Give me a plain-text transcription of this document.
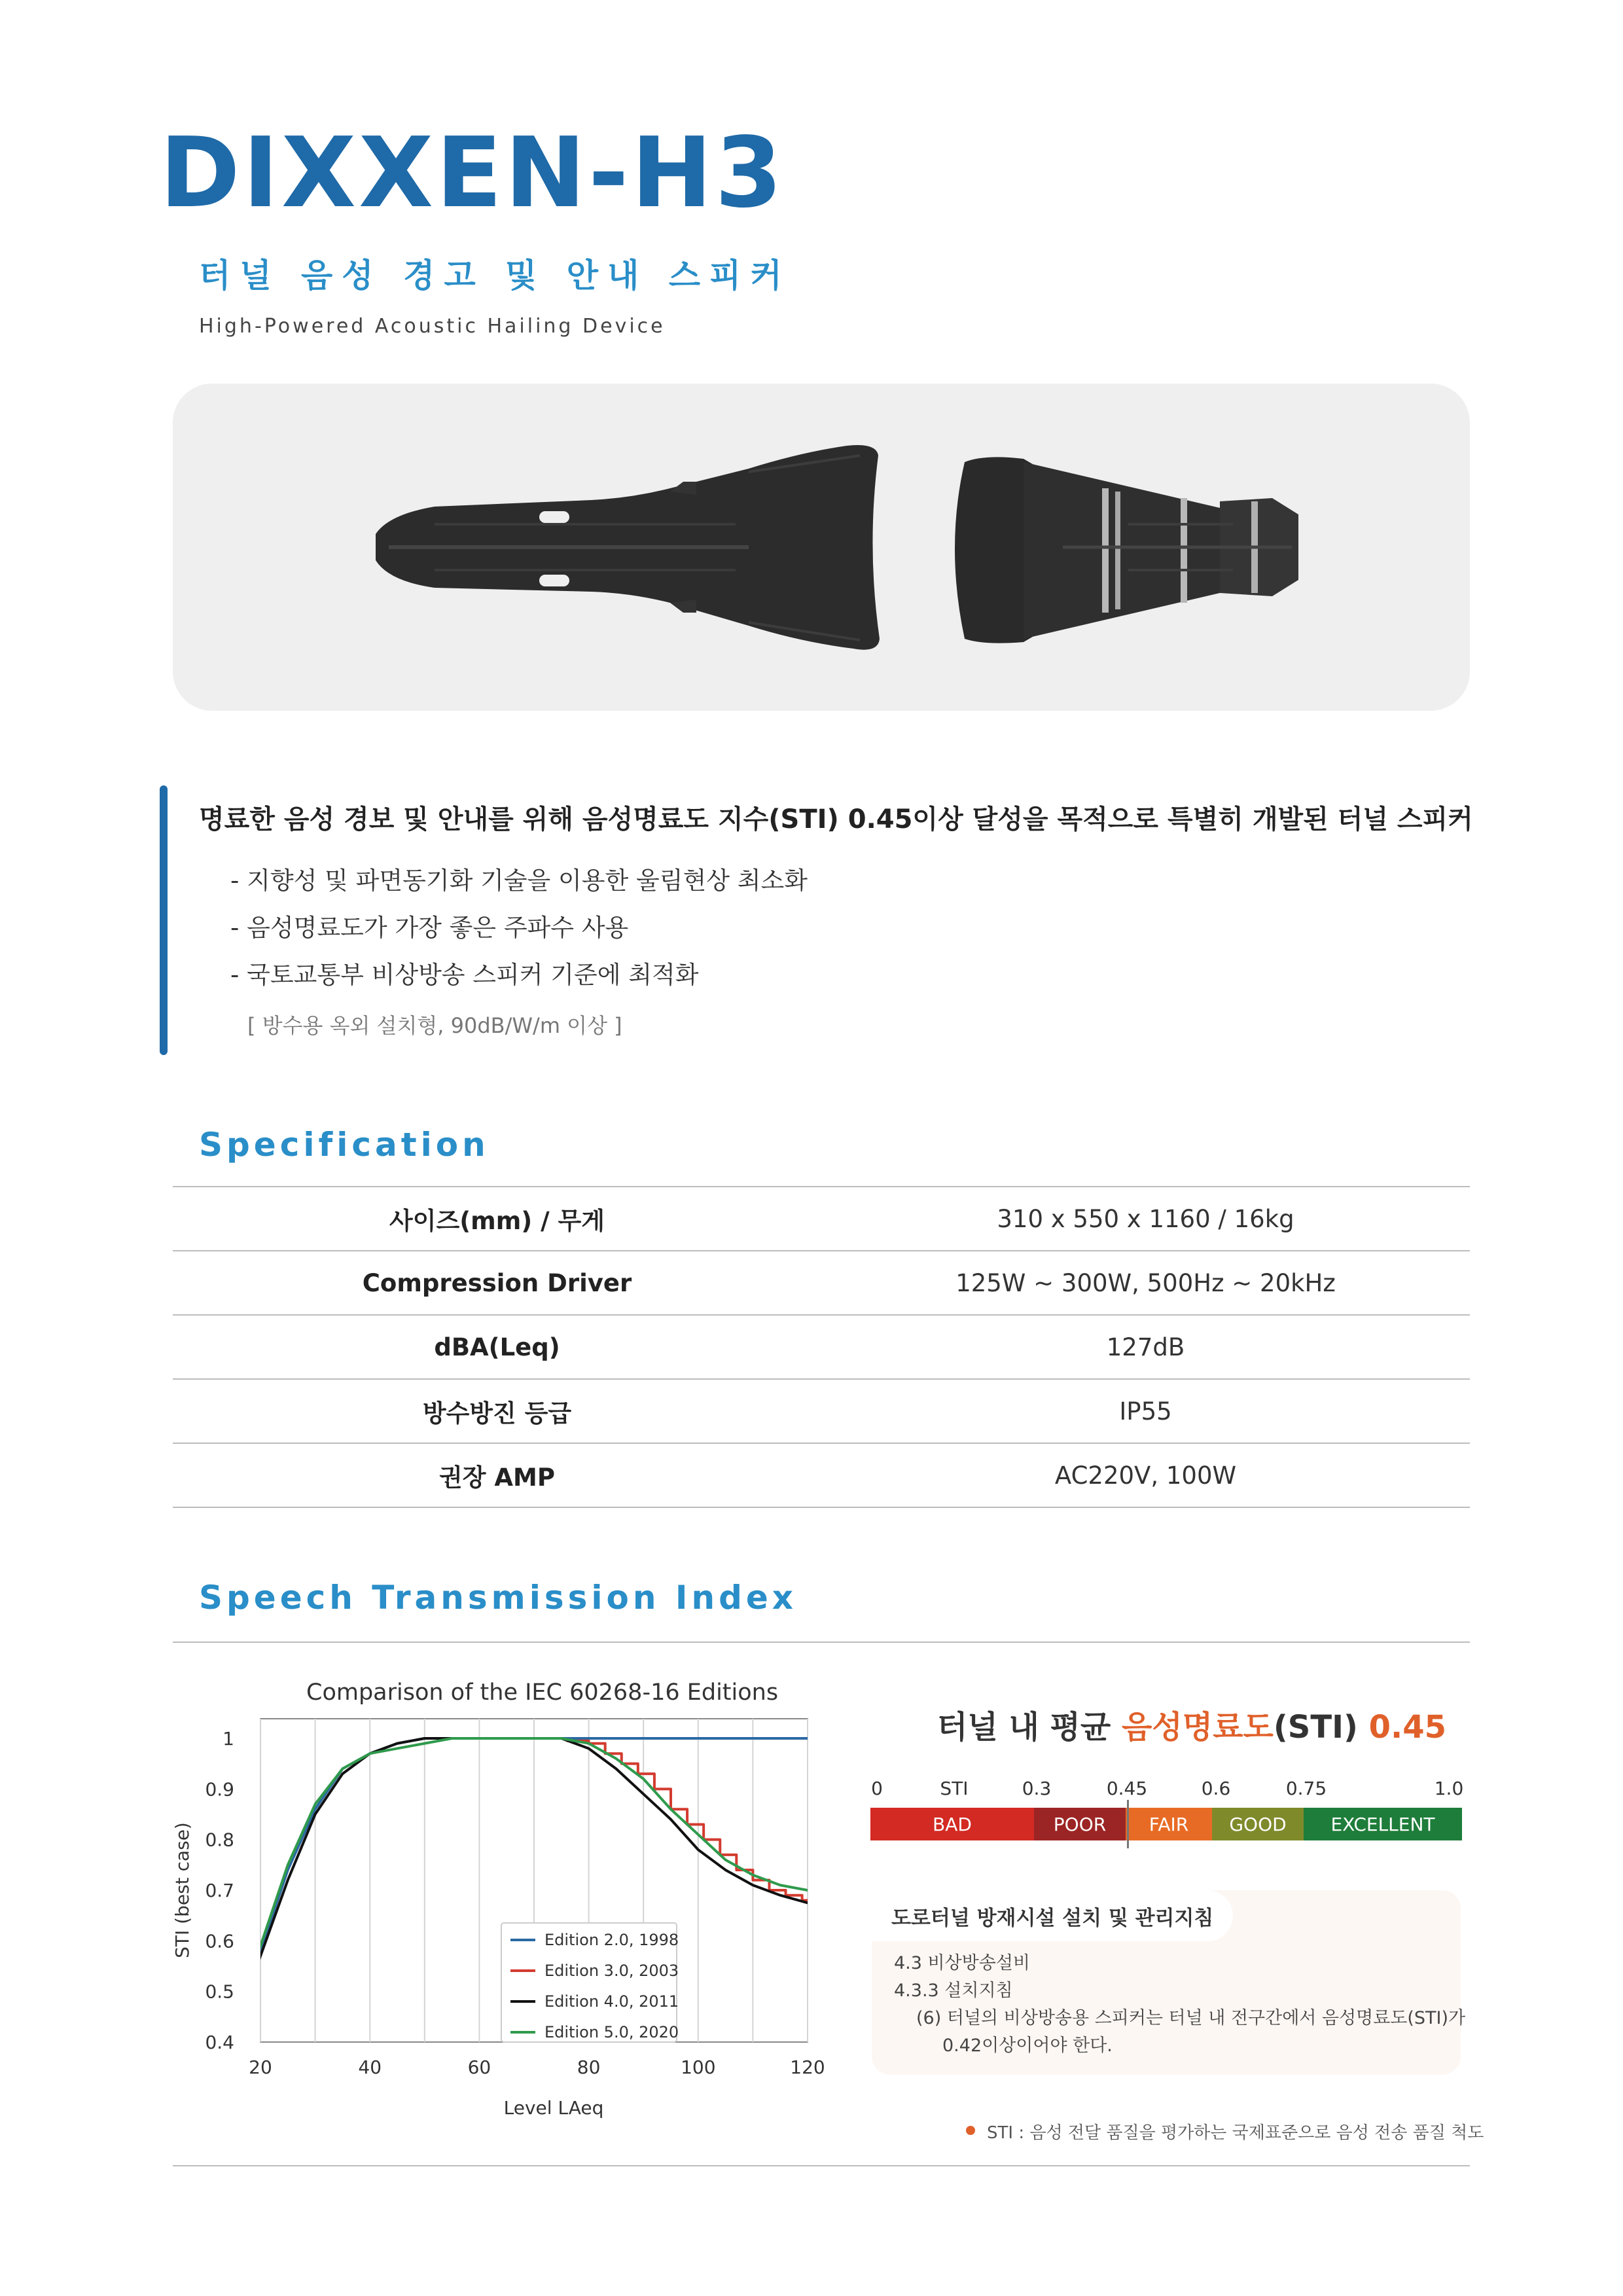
DIXXEN-H3
터널 음성 경고 및 안내 스피커
High-Powered Acoustic Hailing Device
명료한 음성 경보 및 안내를 위해 음성명료도 지수(STI) 0.45이상 달성을 목적으로 특별히 개발된 터널 스피커
- 지향성 및 파면동기화 기술을 이용한 울림현상 최소화
- 음성명료도가 가장 좋은 주파수 사용
- 국토교통부 비상방송 스피커 기준에 최적화
[ 방수용 옥외 설치형, 90dB/W/m 이상 ]
Specification
사이즈(mm) / 무게	310 x 550 x 1160 / 16kg
Compression Driver	125W ~ 300W, 500Hz ~ 20kHz
dBA(Leq)	127dB
방수방진 등급	IP55
권장 AMP	AC220V, 100W
Speech Transmission Index
Comparison of the IEC 60268-16 Editions
20	40	60	80	100	120
0.4
0.5
0.6
0.7
0.8
0.9
1
Level LAeq
STI (best case)	Edition 2.0, 1998
Edition 3.0, 2003
Edition 4.0, 2011
Edition 5.0, 2020
터널 내 평균 음성명료도(STI) 0.45
0	STI	0.3	0.45	0.6	0.75	1.0
BAD	POOR FAIR GOOD EXCELLENT
도로터널 방재시설 설치 및 관리지침
4.3 비상방송설비
4.3.3 설치지침
(6) 터널의 비상방송용 스피커는 터널 내 전구간에서 음성명료도(STI)가
0.42이상이어야 한다.
STI : 음성 전달 품질을 평가하는 국제표준으로 음성 전송 품질 척도
